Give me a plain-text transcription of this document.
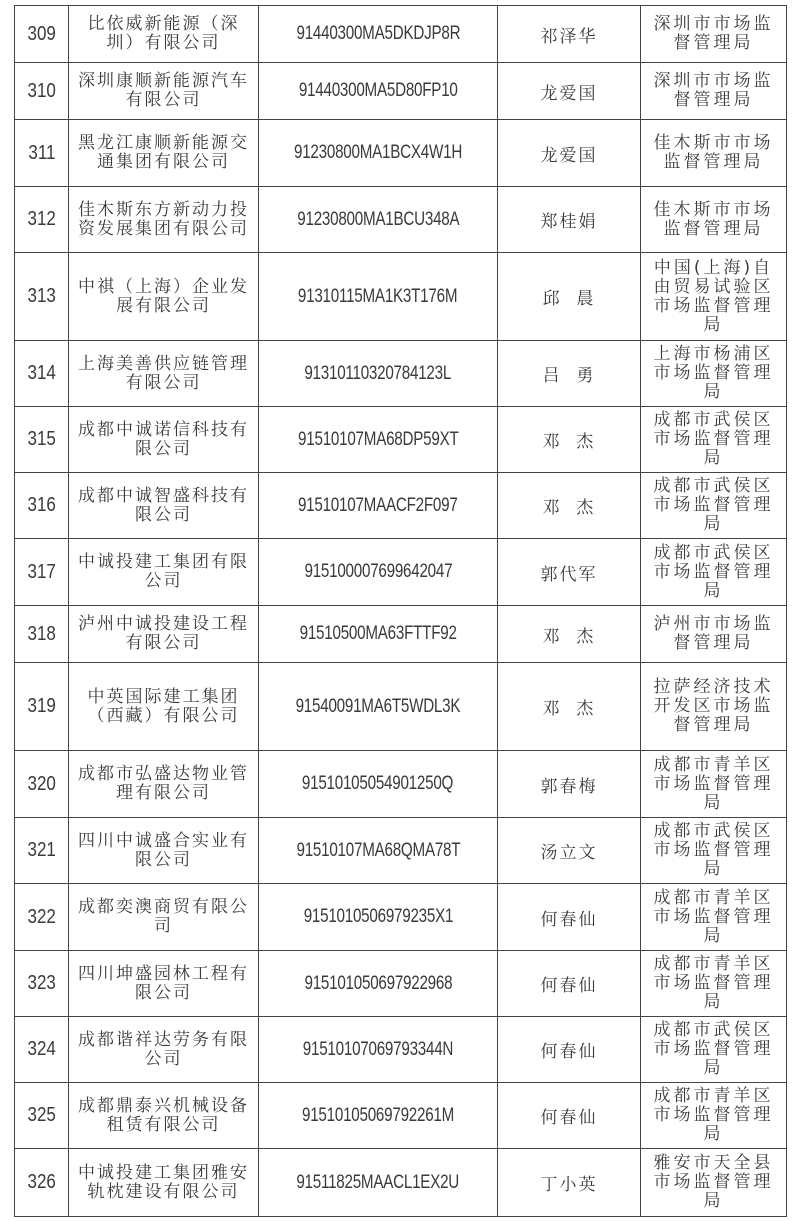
309	比依威新能源（深圳）有限公司	91440300MA5DKDJP8R	祁泽华	深圳市市场监督管理局

310	深圳康顺新能源汽车有限公司	91440300MA5D80FP10	龙爱国	深圳市市场监督管理局

311	黑龙江康顺新能源交通集团有限公司	91230800MA1BCX4W1H	龙爱国	佳木斯市市场监督管理局

312	佳木斯东方新动力投资发展集团有限公司	91230800MA1BCU348A	郑桂娟	佳木斯市市场监督管理局

313	中祺（上海）企业发展有限公司	91310115MA1K3T176M	邱  晨	中国(上海)自由贸易试验区市场监督管理局

314	上海美善供应链管理有限公司	91310110320784123L	吕  勇	上海市杨浦区市场监督管理局

315	成都中诚诺信科技有限公司	91510107MA68DP59XT	邓  杰	成都市武侯区市场监督管理局

316	成都中诚智盛科技有限公司	91510107MAACF2F097	邓  杰	成都市武侯区市场监督管理局

317	中诚投建工集团有限公司	91510000769964204​7	郭代军	成都市武侯区市场监督管理局

318	泸州中诚投建设工程有限公司	91510500MA63FTTF92	邓  杰	泸州市市场监督管理局

319	中英国际建工集团（西藏）有限公司	91540091MA6T5WDL3K	邓  杰	拉萨经济技术开发区市场监督管理局

320	成都市弘盛达物业管理有限公司	91510105054901250Q	郭春梅	成都市青羊区市场监督管理局

321	四川中诚盛合实业有限公司	91510107MA68QMA78T	汤立文	成都市武侯区市场监督管理局

322	成都奕澳商贸有限公司	915101050697923​5X1	何春仙	成都市青羊区市场监督管理局

323	四川坤盛园林工程有限公司	91510105069792296​8	何春仙	成都市青羊区市场监督管理局

324	成都谐祥达劳务有限公司	915101070697933​44N	何春仙	成都市武侯区市场监督管理局

325	成都鼎泰兴机械设备租赁有限公司	915101050697922​61M	何春仙	成都市青羊区市场监督管理局

326	中诚投建工集团雅安轨枕建设有限公司	91511825MAACL1EX2U	丁小英	雅安市天全县市场监督管理局
